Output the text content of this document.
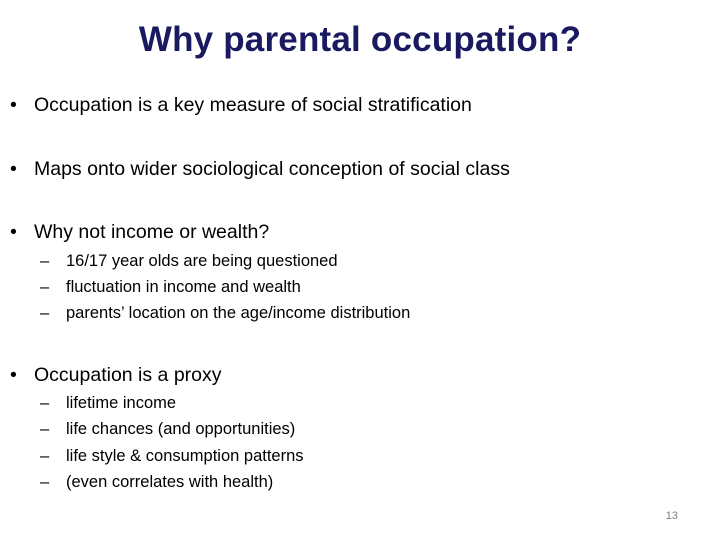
Why parental occupation?
• Occupation is a key measure of social stratification
• Maps onto wider sociological conception of social class
• Why not income or wealth?
– 16/17 year olds are being questioned
– fluctuation in income and wealth
– parents’ location on the age/income distribution
• Occupation is a proxy
– lifetime income
– life chances (and opportunities)
– life style & consumption patterns
– (even correlates with health)
13
